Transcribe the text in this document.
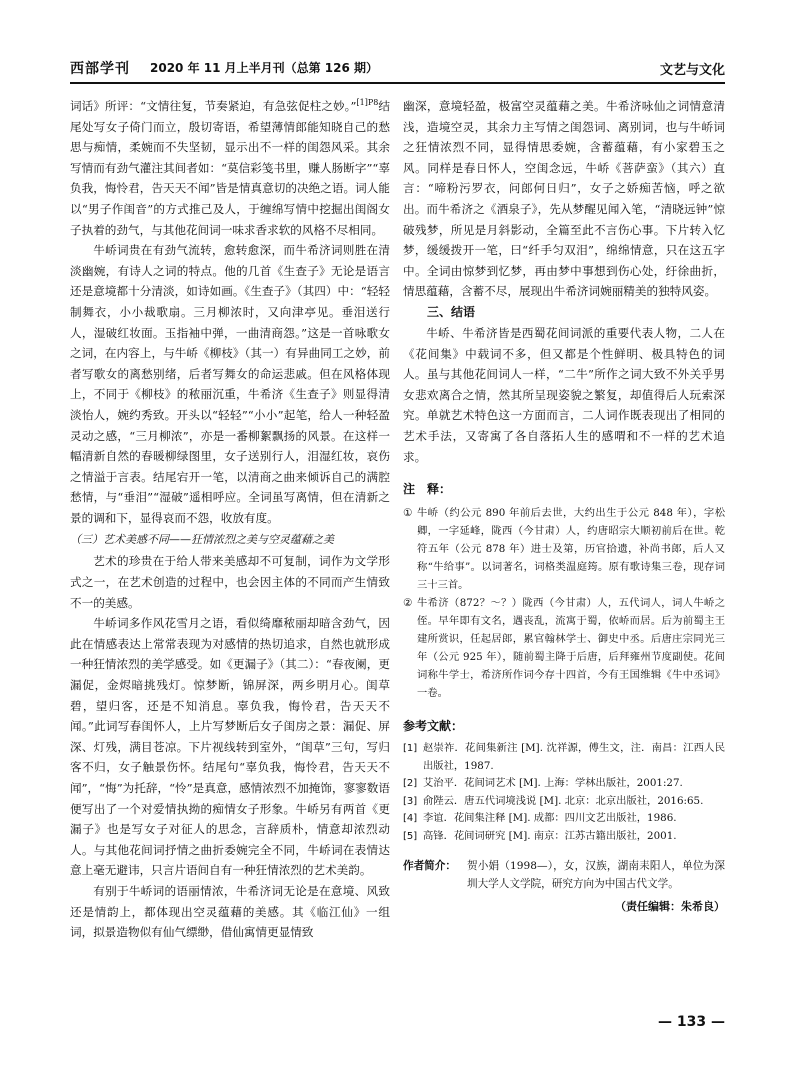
西部学刊 2020 年 11 月上半月刊（总第 126 期）	文艺与文化

词话》所评：“文情往复，节奏紧迫，有急弦促柱之妙。”$^{[1]P8}$结尾处写女子倚门而立，殷切寄语，希望薄情郎能知晓自己的愁思与痴情，柔婉而不失坚韧，显示出不一样的闺怨风采。其余写情而有劲气灌注其间者如：“莫信彩笺书里，赚人肠断字”“辜负我，悔怜君，告天天不闻”皆是情真意切的决绝之语。词人能以“男子作闺音”的方式推己及人，于缠绵写情中挖掘出闺阁女子执着的劲气，与其他花间词一味求香求软的风格不尽相同。

牛峤词贵在有劲气流转，愈转愈深，而牛希济词则胜在清淡幽婉，有诗人之词的特点。他的几首《生查子》无论是语言还是意境都十分清淡，如诗如画。《生查子》（其四）中：“轻轻制舞衣，小小裁歌扇。三月柳浓时，又向津亭见。垂泪送行人，湿破红妆面。玉指袖中弹，一曲清商怨。”这是一首咏歌女之词，在内容上，与牛峤《柳枝》（其一）有异曲同工之妙，前者写歌女的离愁别绪，后者写舞女的命运悲戚。但在风格体现上，不同于《柳枝》的秾丽沉重，牛希济《生查子》则显得清淡怡人，婉约秀致。开头以“轻轻”“小小”起笔，给人一种轻盈灵动之感，“三月柳浓”，亦是一番柳絮飘扬的风景。在这样一幅清新自然的春暖柳绿图里，女子送别行人，泪湿红妆，哀伤之情溢于言表。结尾宕开一笔，以清商之曲来倾诉自己的满腔愁情，与“垂泪”“湿破”遥相呼应。全词虽写离情，但在清新之景的调和下，显得哀而不怨，收放有度。

（三）艺术美感不同——狂情浓烈之美与空灵蕴藉之美

艺术的珍贵在于给人带来美感却不可复制，词作为文学形式之一，在艺术创造的过程中，也会因主体的不同而产生情致不一的美感。

牛峤词多作风花雪月之语，看似绮靡秾丽却暗含劲气，因此在情感表达上常常表现为对感情的热切追求，自然也就形成一种狂情浓烈的美学感受。如《更漏子》（其二）：“春夜阑，更漏促，金烬暗挑残灯。惊梦断，锦屏深，两乡明月心。闺草碧，望归客，还是不知消息。辜负我，悔怜君，告天天不闻。”此词写春闺怀人，上片写梦断后女子闺房之景：漏促、屏深、灯残，满目苍凉。下片视线转到室外，“闺草”三句，写归客不归，女子触景伤怀。结尾句“辜负我，悔怜君，告天天不闻”，“悔”为托辞，“怜”是真意，感情浓烈不加掩饰，寥寥数语便写出了一个对爱情执拗的痴情女子形象。牛峤另有两首《更漏子》也是写女子对征人的思念，言辞质朴，情意却浓烈动人。与其他花间词抒情之曲折委婉完全不同，牛峤词在表情达意上毫无避讳，只言片语间自有一种狂情浓烈的艺术美韵。

有别于牛峤词的语丽情浓，牛希济词无论是在意境、风致还是情韵上，都体现出空灵蕴藉的美感。其《临江仙》一组词，拟景造物似有仙气缥缈，借仙寓情更显情致

幽深，意境轻盈，极富空灵蕴藉之美。牛希济咏仙之词情意清浅，造境空灵，其余力主写情之闺怨词、离别词，也与牛峤词之狂情浓烈不同，显得情思委婉，含蓄蕴藉，有小家碧玉之风。同样是春日怀人，空闺念远，牛峤《菩萨蛮》（其六）直言：“啼粉污罗衣，问郎何日归”，女子之娇痴苦恼，呼之欲出。而牛希济之《酒泉子》，先从梦醒见闻入笔，“清晓远钟”惊破残梦，所见是月斜影动，全篇至此不言伤心事。下片转入忆梦，缓缓拨开一笔，曰“纤手匀双泪”，绵绵情意，只在这五字中。全词由惊梦到忆梦，再由梦中事想到伤心处，纡徐曲折，情思蕴藉，含蓄不尽，展现出牛希济词婉丽精美的独特风姿。

三、结语

牛峤、牛希济皆是西蜀花间词派的重要代表人物，二人在《花间集》中载词不多，但又都是个性鲜明、极具特色的词人。虽与其他花间词人一样，“二牛”所作之词大致不外关乎男女悲欢离合之情，然其所呈现姿貌之繁复，却值得后人玩索深究。单就艺术特色这一方面而言，二人词作既表现出了相同的艺术手法，又寄寓了各自落拓人生的感喟和不一样的艺术追求。

注　释：
① 牛峤（约公元 890 年前后去世，大约出生于公元 848 年），字松卿，一字延峰，陇西（今甘肃）人，约唐昭宗大顺初前后在世。乾符五年（公元 878 年）进士及第，历官拾遗，补尚书郎，后人又称“牛给事”。以词著名，词格类温庭筠。原有歌诗集三卷，现存词三十三首。
② 牛希济（872？～？）陇西（今甘肃）人，五代词人，词人牛峤之侄。早年即有文名，遇丧乱，流寓于蜀，依峤而居。后为前蜀主王建所赏识，任起居郎，累官翰林学士、御史中丞。后唐庄宗同光三年（公元 925 年），随前蜀主降于后唐，后拜雍州节度副使。花间词称牛学士，希济所作词今存十四首，今有王国维辑《牛中丞词》一卷。
参考文献：
[1] 赵崇祚．花间集新注 [M]. 沈祥源，傅生文，注．南昌：江西人民出版社，1987.
[2] 艾治平．花间词艺术 [M]. 上海：学林出版社，2001:27.
[3] 俞陛云．唐五代词境浅说 [M]. 北京：北京出版社，2016:65.
[4] 李谊．花间集注释 [M]. 成都：四川文艺出版社，1986.
[5] 高锋．花间词研究 [M]. 南京：江苏古籍出版社，2001.
作者简介：	贺小娟（1998—），女，汉族，湖南耒阳人，单位为深圳大学人文学院，研究方向为中国古代文学。
（责任编辑：朱希良）
— 133 —
